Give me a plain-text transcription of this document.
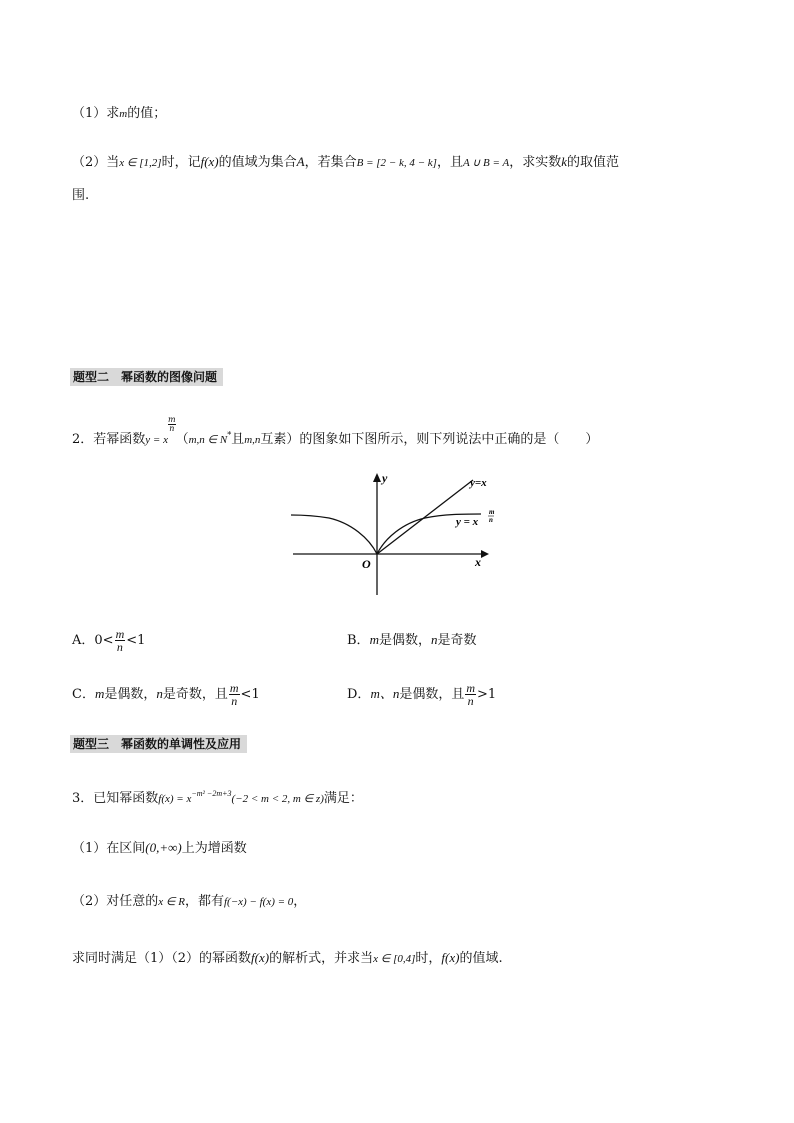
（1）求m的值；
（2）当x ∈ [1,2]时，记f(x)的值域为集合A，若集合B = [2 − k, 4 − k]，且A ∪ B = A，求实数k的取值范
围.
题型二　幂函数的图像问题
2．若幂函数y = x
$\frac{m}{n}$
（m,n ∈ N*且m,n互素）的图象如下图所示，则下列说法中正确的是（　　）
y
x
O
y=x
y = x
m
n
A．$0< \frac{m}{n} <1$	B．m是偶数，n是奇数
C．m是偶数，n是奇数，且 $\frac{m}{n} <1$	D．m、n是偶数，且 $\frac{m}{n} >1$
题型三　幂函数的单调性及应用
3．已知幂函数$f(x) = x^{-m^2 -2m+3}(-2 < m < 2$, m ∈ z)满足：
（1）在区间(0,+∞)上为增函数
（2）对任意的x ∈ R，都有f(−x) − f(x) = 0，
求同时满足（1）（2）的幂函数f(x)的解析式，并求当x ∈ [0,4]时，f(x)的值域.
